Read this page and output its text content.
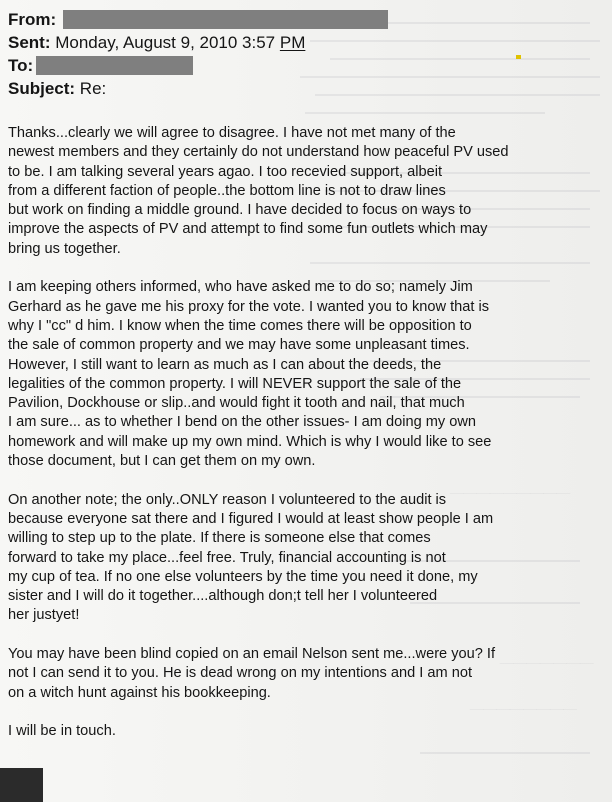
_________
_______
________
From:
Sent: Monday, August 9, 2010 3:57 PM
To:
Subject: Re:
Thanks...clearly we will agree to disagree. I have not met many of the
newest members and they certainly do not understand how peaceful PV used
to be. I am talking several years agao. I too recevied support, albeit
from a different faction of people..the bottom line is not to draw lines
but work on finding a middle ground. I have decided to focus on ways to
improve the aspects of PV and attempt to find some fun outlets which may
bring us together.
I am keeping others informed, who have asked me to do so; namely Jim
Gerhard as he gave me his proxy for the vote. I wanted you to know that is
why I "cc" d him. I know when the time comes there will be opposition to
the sale of common property and we may have some unpleasant times.
However, I still want to learn as much as I can about the deeds, the
legalities of the common property. I will NEVER support the sale of the
Pavilion, Dockhouse or slip..and would fight it tooth and nail, that much
I am sure... as to whether I bend on the other issues- I am doing my own
homework and will make up my own mind. Which is why I would like to see
those document, but I can get them on my own.
On another note; the only..ONLY reason I volunteered to the audit is
because everyone sat there and I figured I would at least show people I am
willing to step up to the plate. If there is someone else that comes
forward to take my place...feel free. Truly, financial accounting is not
my cup of tea. If no one else volunteers by the time you need it done, my
sister and I will do it together....although don;t tell her I volunteered
her justyet!
You may have been blind copied on an email Nelson sent me...were you? If
not I can send it to you. He is dead wrong on my intentions and I am not
on a witch hunt against his bookkeeping.
I will be in touch.
